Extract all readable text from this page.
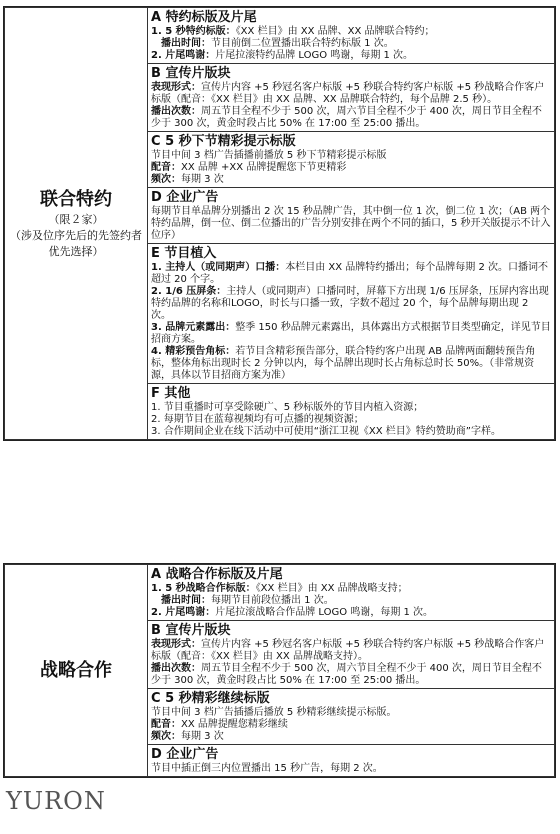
联合特约
（限２家）
（涉及位序先后的先签约者优先选择）

A 特约标版及片尾
1. 5 秒特约标版：《XX 栏目》由 XX 品牌、XX 品牌联合特约；
　播出时间：节目前倒二位置播出联合特约标版 1 次。
2. 片尾鸣谢：片尾拉滚特约品牌 LOGO 鸣谢，每期 1 次。

B 宣传片版块
表现形式：宣传片内容 +5 秒冠名客户标版 +5 秒联合特约客户标版 +5 秒战略合作客户标版（配音：《XX 栏目》由 XX 品牌、XX 品牌联合特约，每个品牌 2.5 秒）。
播出次数：周五节目全程不少于 500 次，周六节目全程不少于 400 次，周日节目全程不少于 300 次，黄金时段占比 50% 在 17:00 至 25:00 播出。

C 5 秒下节精彩提示标版
节目中间 3 档广告插播前播放 5 秒下节精彩提示标版
配音：XX 品牌 +XX 品牌提醒您下节更精彩
频次：每期 3 次

D 企业广告
每期节目单品牌分别播出 2 次 15 秒品牌广告，其中倒一位 1 次，倒二位 1 次；（AB 两个特约品牌，倒一位、倒二位播出的广告分别安排在两个不同的插口，5 秒开关版提示不计入位序）

E 节目植入
1. 主持人（或同期声）口播：本栏目由 XX 品牌特约播出；每个品牌每期 2 次。口播词不超过 20 个字。
2. 1/6 压屏条：主持人（或同期声）口播同时，屏幕下方出现 1/6 压屏条，压屏内容出现特约品牌的名称和LOGO，时长与口播一致，字数不超过 20 个，每个品牌每期出现 2 次。
3. 品牌元素露出：整季 150 秒品牌元素露出，具体露出方式根据节目类型确定，详见节目招商方案。
4. 精彩预告角标：若节目含精彩预告部分，联合特约客户出现 AB 品牌两面翻转预告角标，整体角标出现时长 2 分钟以内，每个品牌出现时长占角标总时长 50%。（非常规资源，具体以节目招商方案为准）

F 其他
1. 节目重播时可享受除硬广、5 秒标版外的节目内植入资源；
2. 每期节目在蓝莓视频均有可点播的视频资源；
3. 合作期间企业在线下活动中可使用“浙江卫视《XX 栏目》特约赞助商”字样。
战略合作

A 战略合作标版及片尾
1. 5 秒战略合作标版：《XX 栏目》由 XX 品牌战略支持；
　播出时间：每期节目前段位播出 1 次。
2. 片尾鸣谢：片尾拉滚战略合作品牌 LOGO 鸣谢，每期 1 次。

B 宣传片版块
表现形式：宣传片内容 +5 秒冠名客户标版 +5 秒联合特约客户标版 +5 秒战略合作客户标版（配音：《XX 栏目》由 XX 品牌战略支持）。
播出次数：周五节目全程不少于 500 次，周六节目全程不少于 400 次，周日节目全程不少于 300 次，黄金时段占比 50% 在 17:00 至 25:00 播出。

C 5 秒精彩继续标版
节目中间 3 档广告插播后播放 5 秒精彩继续提示标版。
配音：XX 品牌提醒您精彩继续
频次：每期 3 次

D 企业广告
节目中插正倒三内位置播出 15 秒广告，每期 2 次。
YURON
